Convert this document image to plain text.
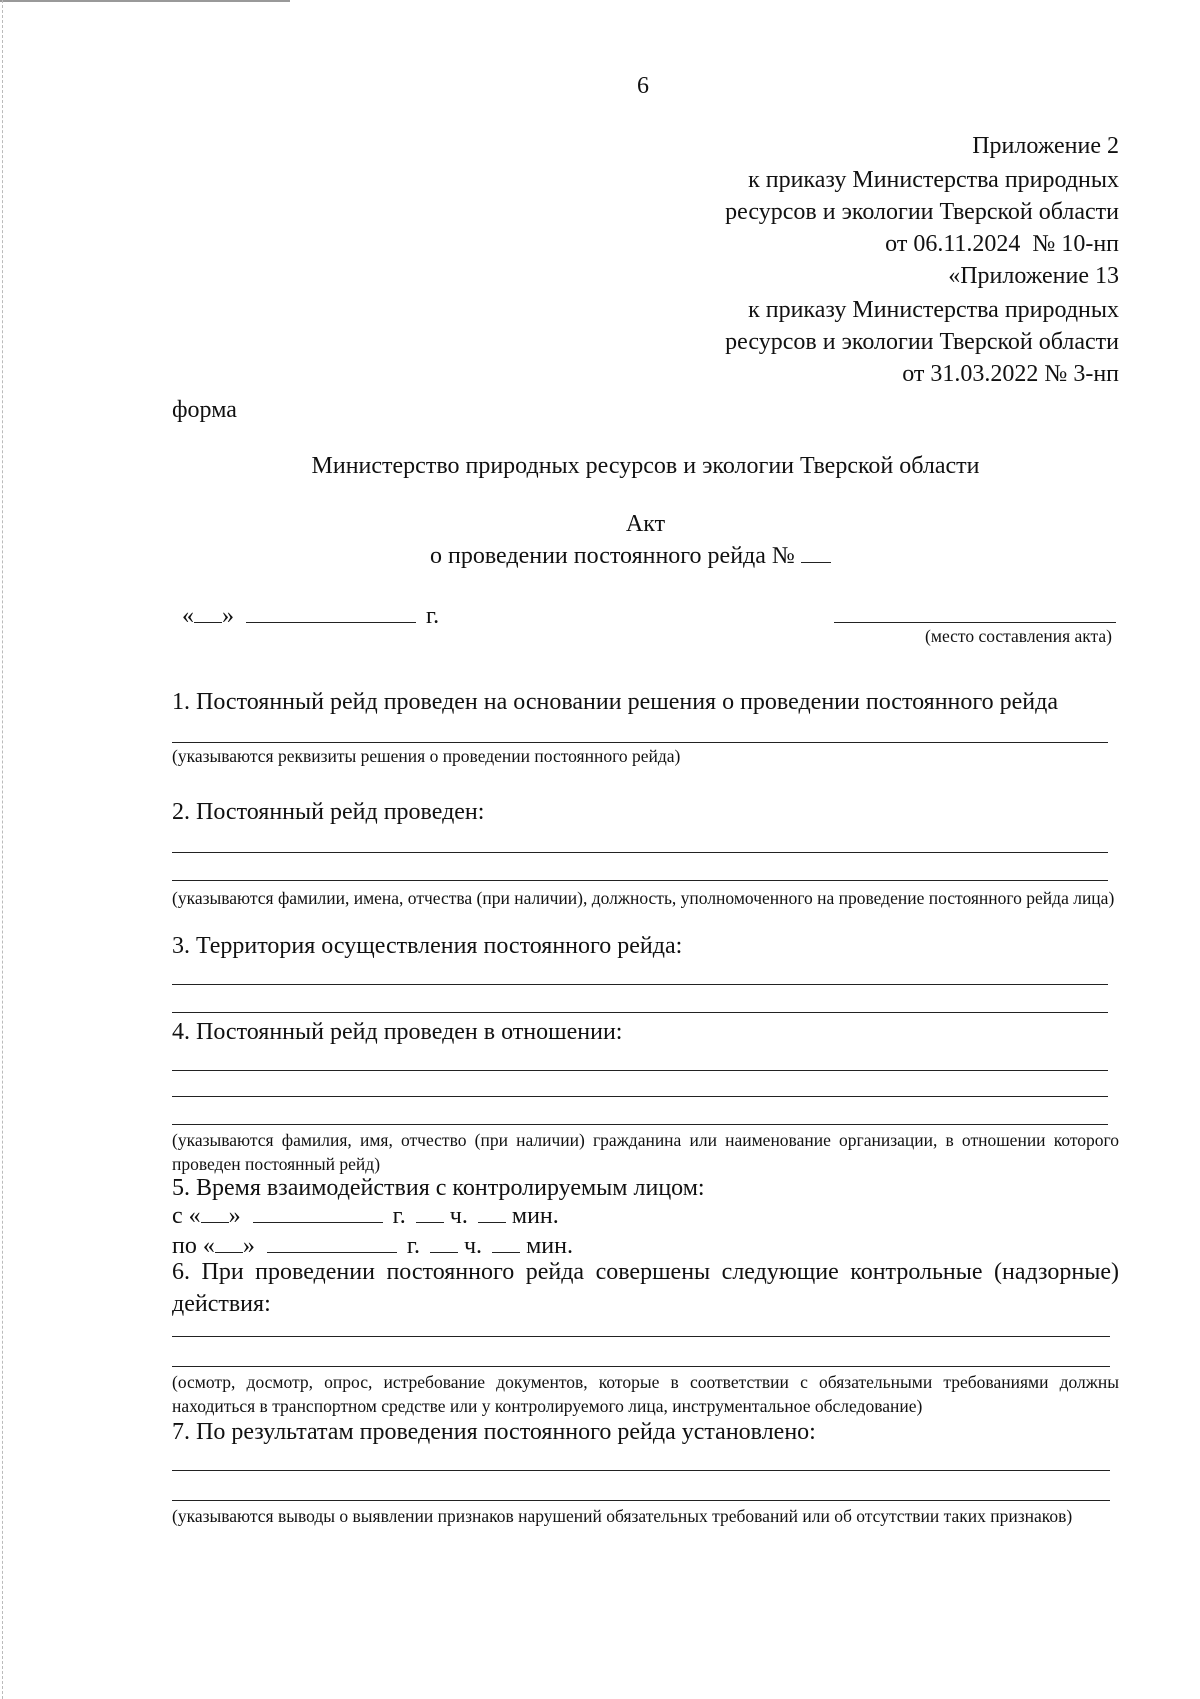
6
Приложение 2
к приказу Министерства природных
ресурсов и экологии Тверской области
от 06.11.2024  № 10-нп
«Приложение 13
к приказу Министерства природных
ресурсов и экологии Тверской области
от 31.03.2022 № 3-нп
форма
Министерство природных ресурсов и экологии Тверской области
Акт
о проведении постоянного рейда №
« »	г.
(место составления акта)
1. Постоянный рейд проведен на основании решения о проведении постоянного рейда
(указываются реквизиты решения о проведении постоянного рейда)
2. Постоянный рейд проведен:
(указываются фамилии, имена, отчества (при наличии), должность, уполномоченного на проведение постоянного рейда лица)
3. Территория осуществления постоянного рейда:
4. Постоянный рейд проведен в отношении:
(указываются фамилия, имя, отчество (при наличии) гражданина или наименование организации, в отношении которого проведен постоянный рейд)
5. Время взаимодействия с контролируемым лицом:
с « »	г. ч. мин.
по « »	г. ч. мин.
6. При проведении постоянного рейда совершены следующие контрольные (надзорные) действия:
(осмотр, досмотр, опрос, истребование документов, которые в соответствии с обязательными требованиями должны находиться в транспортном средстве или у контролируемого лица, инструментальное обследование)
7. По результатам проведения постоянного рейда установлено:
(указываются выводы о выявлении признаков нарушений обязательных требований или об отсутствии таких признаков)
